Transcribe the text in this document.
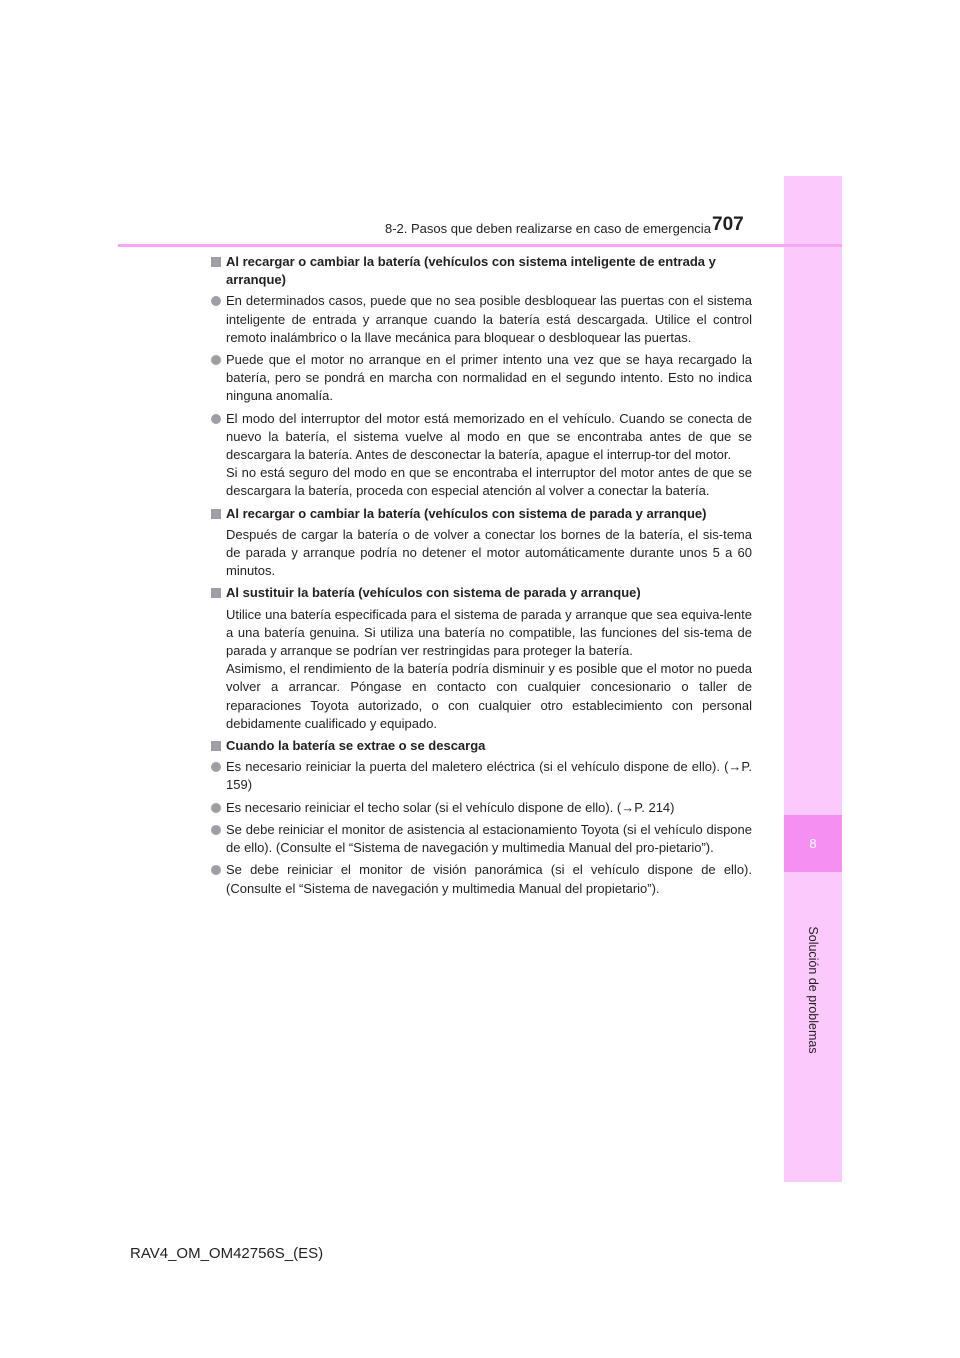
8
Solución de problemas
8-2. Pasos que deben realizarse en caso de emergencia 707
Al recargar o cambiar la batería (vehículos con sistema inteligente de entrada y arranque)

En determinados casos, puede que no sea posible desbloquear las puertas con el sistema inteligente de entrada y arranque cuando la batería está descargada. Utilice el control remoto inalámbrico o la llave mecánica para bloquear o desbloquear las puertas.

Puede que el motor no arranque en el primer intento una vez que se haya recargado la batería, pero se pondrá en marcha con normalidad en el segundo intento. Esto no indica ninguna anomalía.

El modo del interruptor del motor está memorizado en el vehículo. Cuando se conecta de nuevo la batería, el sistema vuelve al modo en que se encontraba antes de que se descargara la batería. Antes de desconectar la batería, apague el interrup-tor del motor.

Si no está seguro del modo en que se encontraba el interruptor del motor antes de que se descargara la batería, proceda con especial atención al volver a conectar la batería.

Al recargar o cambiar la batería (vehículos con sistema de parada y arranque)

Después de cargar la batería o de volver a conectar los bornes de la batería, el sis-tema de parada y arranque podría no detener el motor automáticamente durante unos 5 a 60 minutos.

Al sustituir la batería (vehículos con sistema de parada y arranque)

Utilice una batería especificada para el sistema de parada y arranque que sea equiva-lente a una batería genuina. Si utiliza una batería no compatible, las funciones del sis-tema de parada y arranque se podrían ver restringidas para proteger la batería.

Asimismo, el rendimiento de la batería podría disminuir y es posible que el motor no pueda volver a arrancar. Póngase en contacto con cualquier concesionario o taller de reparaciones Toyota autorizado, o con cualquier otro establecimiento con personal debidamente cualificado y equipado.

Cuando la batería se extrae o se descarga

Es necesario reiniciar la puerta del maletero eléctrica (si el vehículo dispone de ello). (→P. 159)

Es necesario reiniciar el techo solar (si el vehículo dispone de ello). (→P. 214)

Se debe reiniciar el monitor de asistencia al estacionamiento Toyota (si el vehículo dispone de ello). (Consulte el “Sistema de navegación y multimedia Manual del pro-pietario”).

Se debe reiniciar el monitor de visión panorámica (si el vehículo dispone de ello). (Consulte el “Sistema de navegación y multimedia Manual del propietario”).

RAV4_OM_OM42756S_(ES)
